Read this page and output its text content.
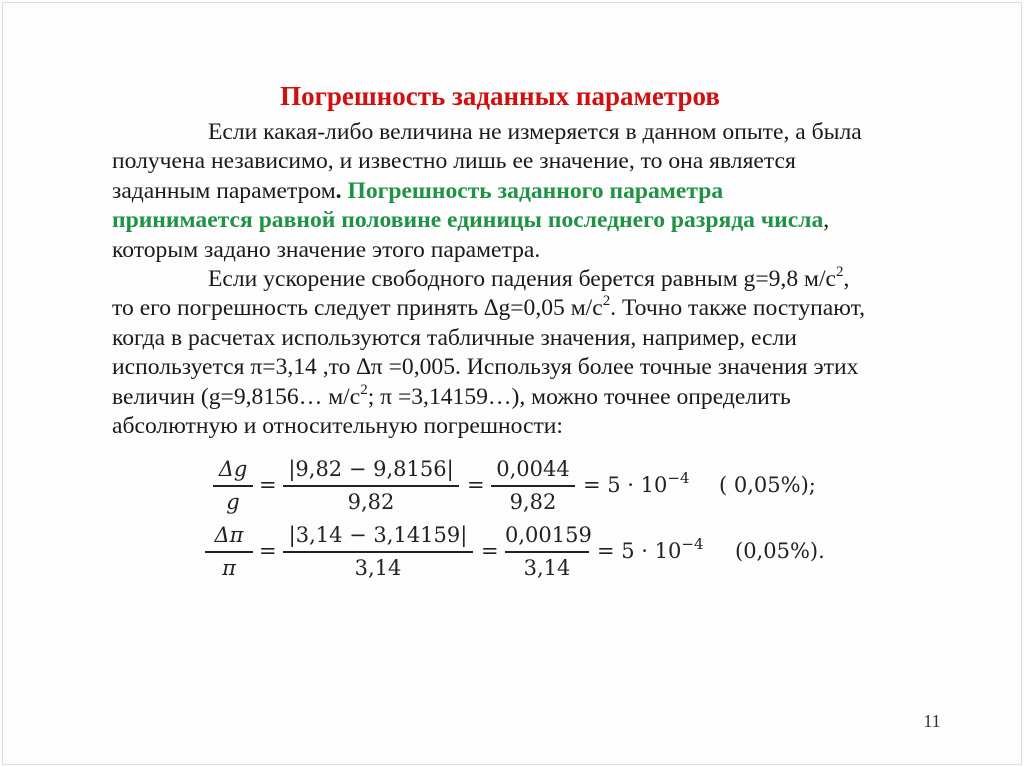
Погрешность заданных параметров
Если какая-либо величина не измеряется в данном опыте, а была
получена независимо, и известно лишь ее значение, то она является
заданным параметром. Погрешность заданного параметра
принимается равной половине единицы последнего разряда числа,
которым задано значение этого параметра.
Если ускорение свободного падения берется равным g=9,8 $м/с^2$,
то его погрешность следует принять ∆g=0,05 $м/с^2$. Точно также поступают,
когда в расчетах используются табличные значения, например, если
используется π=3,14 ,то ∆π =0,005. Используя более точные значения этих
величин (g=9,8156… $м/с^2$; π =3,14159…), можно точнее определить
абсолютную и относительную погрешности:
Δg
g
=
|9,82 − 9,8156|
9,82
=
0,0044
9,82
= $5 \cdot 10^{-4}$ ( 0,05%);
Δπ
π
=
|3,14 − 3,14159|
3,14
=
0,00159
3,14
= $5 \cdot 10^{-4}$ (0,05%).
11
